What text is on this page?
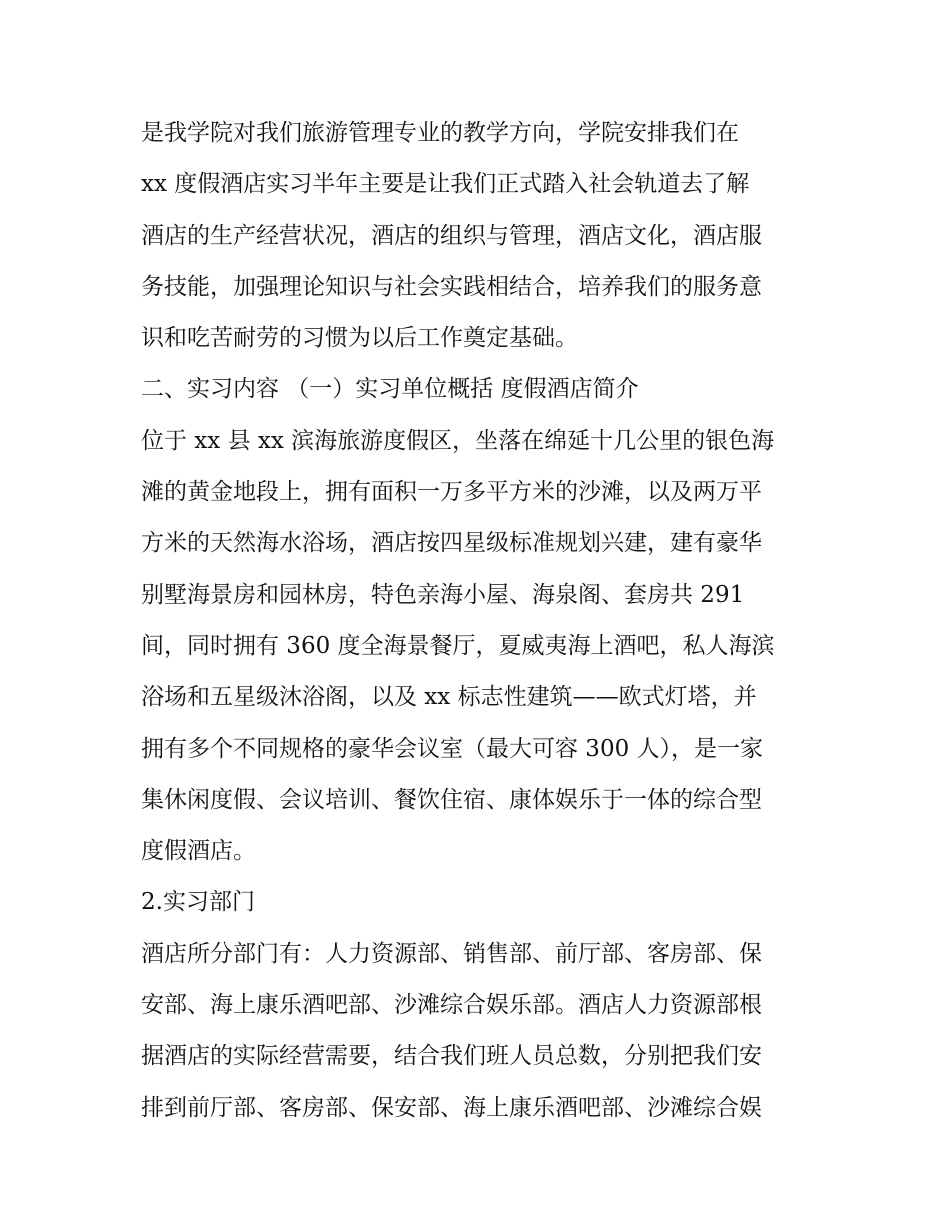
是我学院对我们旅游管理专业的教学方向，学院安排我们在
xx 度假酒店实习半年主要是让我们正式踏入社会轨道去了解
酒店的生产经营状况，酒店的组织与管理，酒店文化，酒店服
务技能，加强理论知识与社会实践相结合，培养我们的服务意
识和吃苦耐劳的习惯为以后工作奠定基础。
二、实习内容 （一）实习单位概括 度假酒店简介
位于 xx 县 xx 滨海旅游度假区，坐落在绵延十几公里的银色海
滩的黄金地段上，拥有面积一万多平方米的沙滩，以及两万平
方米的天然海水浴场，酒店按四星级标准规划兴建，建有豪华
别墅海景房和园林房，特色亲海小屋、海泉阁、套房共 291
间，同时拥有 360 度全海景餐厅，夏威夷海上酒吧，私人海滨
浴场和五星级沐浴阁，以及 xx 标志性建筑——欧式灯塔，并
拥有多个不同规格的豪华会议室（最大可容 300 人），是一家
集休闲度假、会议培训、餐饮住宿、康体娱乐于一体的综合型
度假酒店。
2.实习部门
酒店所分部门有：人力资源部、销售部、前厅部、客房部、保
安部、海上康乐酒吧部、沙滩综合娱乐部。酒店人力资源部根
据酒店的实际经营需要，结合我们班人员总数，分别把我们安
排到前厅部、客房部、保安部、海上康乐酒吧部、沙滩综合娱
